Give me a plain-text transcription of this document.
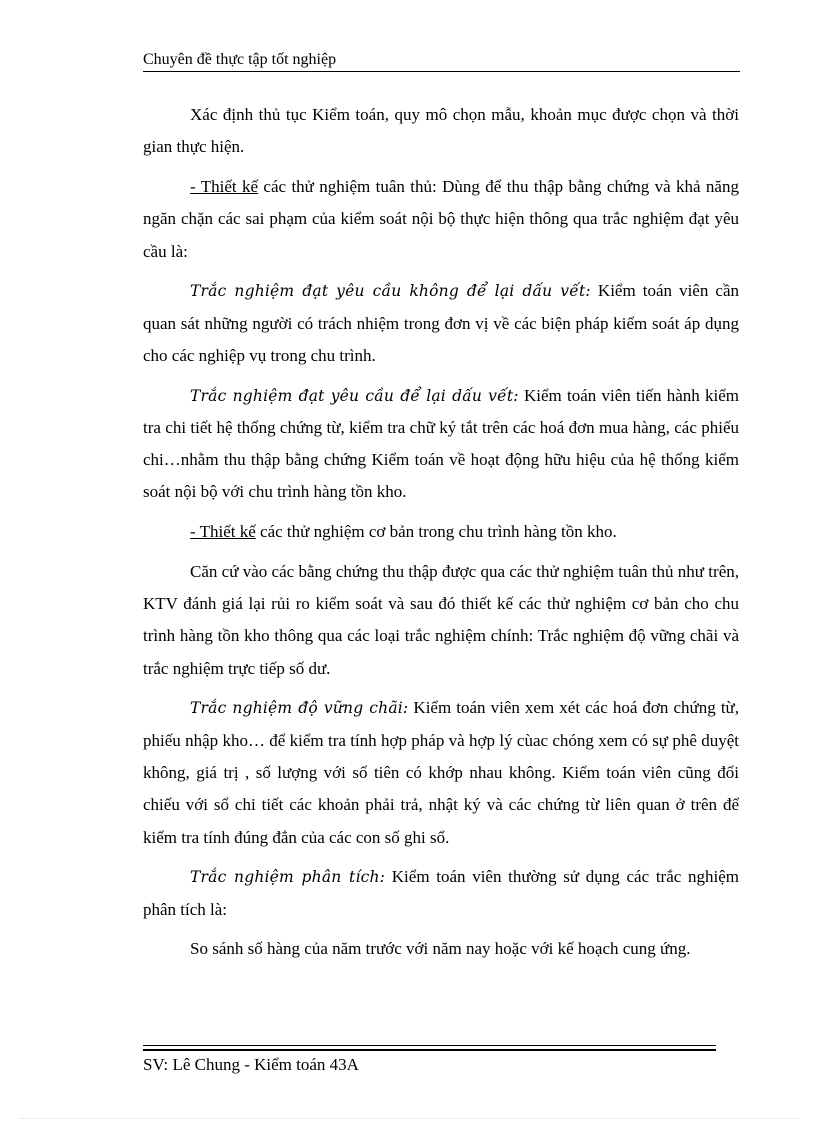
Chuyên đề thực tập tốt nghiệp

Xác định thủ tục Kiểm toán, quy mô chọn mẫu, khoản mục được chọn và thời gian thực hiện.

- Thiết kế các thử nghiệm tuân thủ: Dùng để thu thập bằng chứng và khả năng ngăn chặn các sai phạm của kiểm soát nội bộ thực hiện thông qua trắc nghiệm đạt yêu cầu là:

Trắc nghiệm đạt yêu cầu không để lại dấu vết: Kiểm toán viên cần quan sát những người có trách nhiệm trong đơn vị về các biện pháp kiểm soát áp dụng cho các nghiệp vụ trong chu trình.

Trắc nghiệm đạt yêu cầu để lại dấu vết: Kiểm toán viên tiến hành kiểm tra chi tiết hệ thống chứng từ, kiểm tra chữ ký tắt trên các hoá đơn mua hàng, các phiếu chi…nhằm thu thập bằng chứng Kiểm toán về hoạt động hữu hiệu của hệ thống kiểm soát nội bộ với chu trình hàng tồn kho.

- Thiết kế các thử nghiệm cơ bản trong chu trình hàng tồn kho.

Căn cứ vào các bằng chứng thu thập được qua các thử nghiệm tuân thủ như trên, KTV đánh giá lại rủi ro kiểm soát và sau đó thiết kế các thử nghiệm cơ bản cho chu trình hàng tồn kho thông qua các loại trắc nghiệm chính: Trắc nghiệm độ vững chãi và trắc nghiệm trực tiếp số dư.

Trắc nghiệm độ vững chãi: Kiểm toán viên xem xét các hoá đơn chứng từ, phiếu nhập kho… để kiểm tra tính hợp pháp và hợp lý cùac chóng xem có sự phê duyệt không, giá trị , số lượng với số tiên có khớp nhau không. Kiểm toán viên cũng đối chiếu với sổ chi tiết các khoản phải trả, nhật ký và các chứng từ liên quan ở trên để kiểm tra tính đúng đắn của các con số ghi sổ.

Trắc nghiệm phân tích: Kiểm toán viên thường sử dụng các trắc nghiệm phân tích là:

So sánh số hàng của năm trước với năm nay hoặc với kế hoạch cung ứng.

SV: Lê Chung - Kiểm toán 43A
